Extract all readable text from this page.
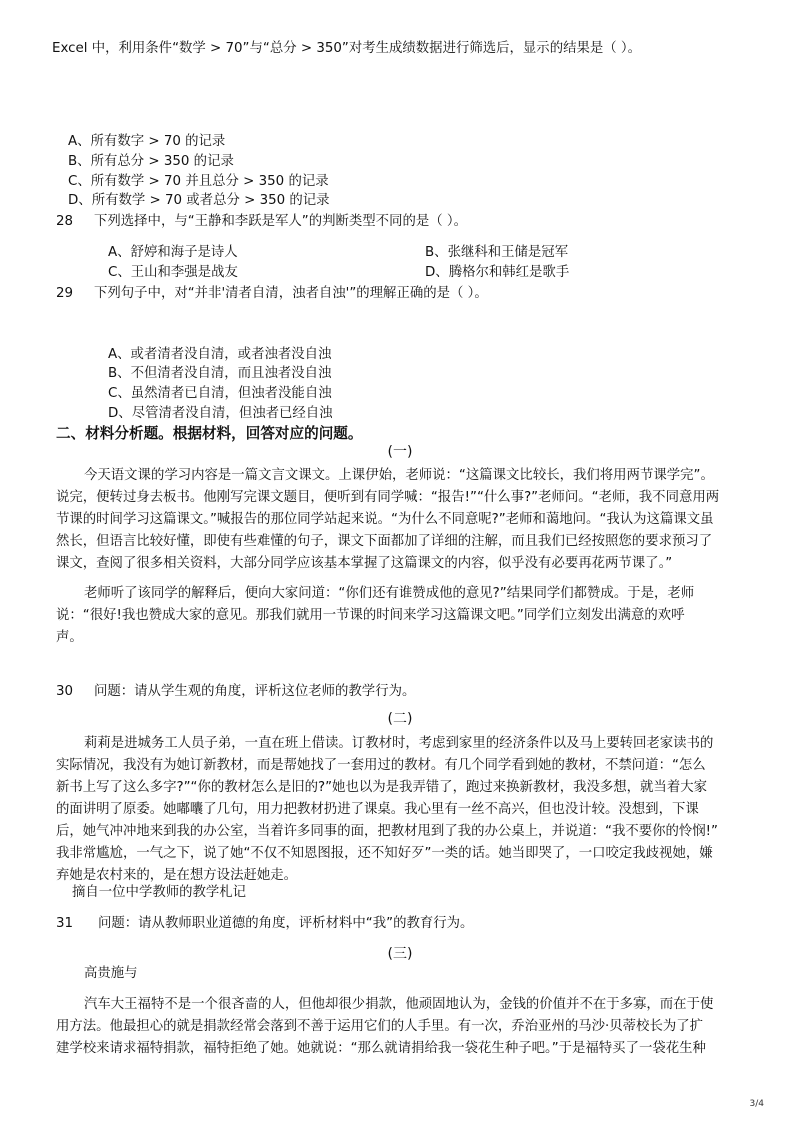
Excel 中，利用条件“数学 > 70”与“总分 > 350”对考生成绩数据进行筛选后，显示的结果是（ ）。
A、所有数字 > 70 的记录
B、所有总分 > 350 的记录
C、所有数学 > 70 并且总分 > 350 的记录
D、所有数学 > 70 或者总分 > 350 的记录
28 下列选择中，与“王静和李跃是军人”的判断类型不同的是（ ）。
A、舒婷和海子是诗人	B、张继科和王储是冠军
C、王山和李强是战友	D、腾格尔和韩红是歌手
29 下列句子中，对“并非'清者自清，浊者自浊'”的理解正确的是（ ）。
A、或者清者没自清，或者浊者没自浊
B、不但清者没自清，而且浊者没自浊
C、虽然清者已自清，但浊者没能自浊
D、尽管清者没自清，但浊者已经自浊
二、材料分析题。根据材料，回答对应的问题。
(一)
今天语文课的学习内容是一篇文言文课文。上课伊始，老师说：“这篇课文比较长，我们将用两节课学完”。
说完，便转过身去板书。他刚写完课文题目，便听到有同学喊：“报告!”“什么事?”老师问。“老师，我不同意用两
节课的时间学习这篇课文。”喊报告的那位同学站起来说。“为什么不同意呢?”老师和蔼地问。“我认为这篇课文虽
然长，但语言比较好懂，即使有些难懂的句子，课文下面都加了详细的注解，而且我们已经按照您的要求预习了
课文，查阅了很多相关资料，大部分同学应该基本掌握了这篇课文的内容，似乎没有必要再花两节课了。”
老师听了该同学的解释后，便向大家问道：“你们还有谁赞成他的意见?”结果同学们都赞成。于是，老师
说：“很好!我也赞成大家的意见。那我们就用一节课的时间来学习这篇课文吧。”同学们立刻发出满意的欢呼
声。
30 问题：请从学生观的角度，评析这位老师的教学行为。
(二)
莉莉是进城务工人员子弟，一直在班上借读。订教材时，考虑到家里的经济条件以及马上要转回老家读书的
实际情况，我没有为她订新教材，而是帮她找了一套用过的教材。有几个同学看到她的教材，不禁问道：“怎么
新书上写了这么多字?”“你的教材怎么是旧的?”她也以为是我弄错了，跑过来换新教材，我没多想，就当着大家
的面讲明了原委。她嘟囔了几句，用力把教材扔进了课桌。我心里有一丝不高兴，但也没计较。没想到，下课
后，她气冲冲地来到我的办公室，当着许多同事的面，把教材甩到了我的办公桌上，并说道：“我不要你的怜悯!”
我非常尴尬，一气之下，说了她“不仅不知恩图报，还不知好歹”一类的话。她当即哭了，一口咬定我歧视她，嫌
弃她是农村来的，是在想方设法赶她走。
摘自一位中学教师的教学札记
31 问题：请从教师职业道德的角度，评析材料中“我”的教育行为。
(三)
高贵施与
汽车大王福特不是一个很吝啬的人，但他却很少捐款，他顽固地认为，金钱的价值并不在于多寡，而在于使
用方法。他最担心的就是捐款经常会落到不善于运用它们的人手里。有一次，乔治亚州的马沙·贝蒂校长为了扩
建学校来请求福特捐款，福特拒绝了她。她就说：“那么就请捐给我一袋花生种子吧。”于是福特买了一袋花生种
3/4
